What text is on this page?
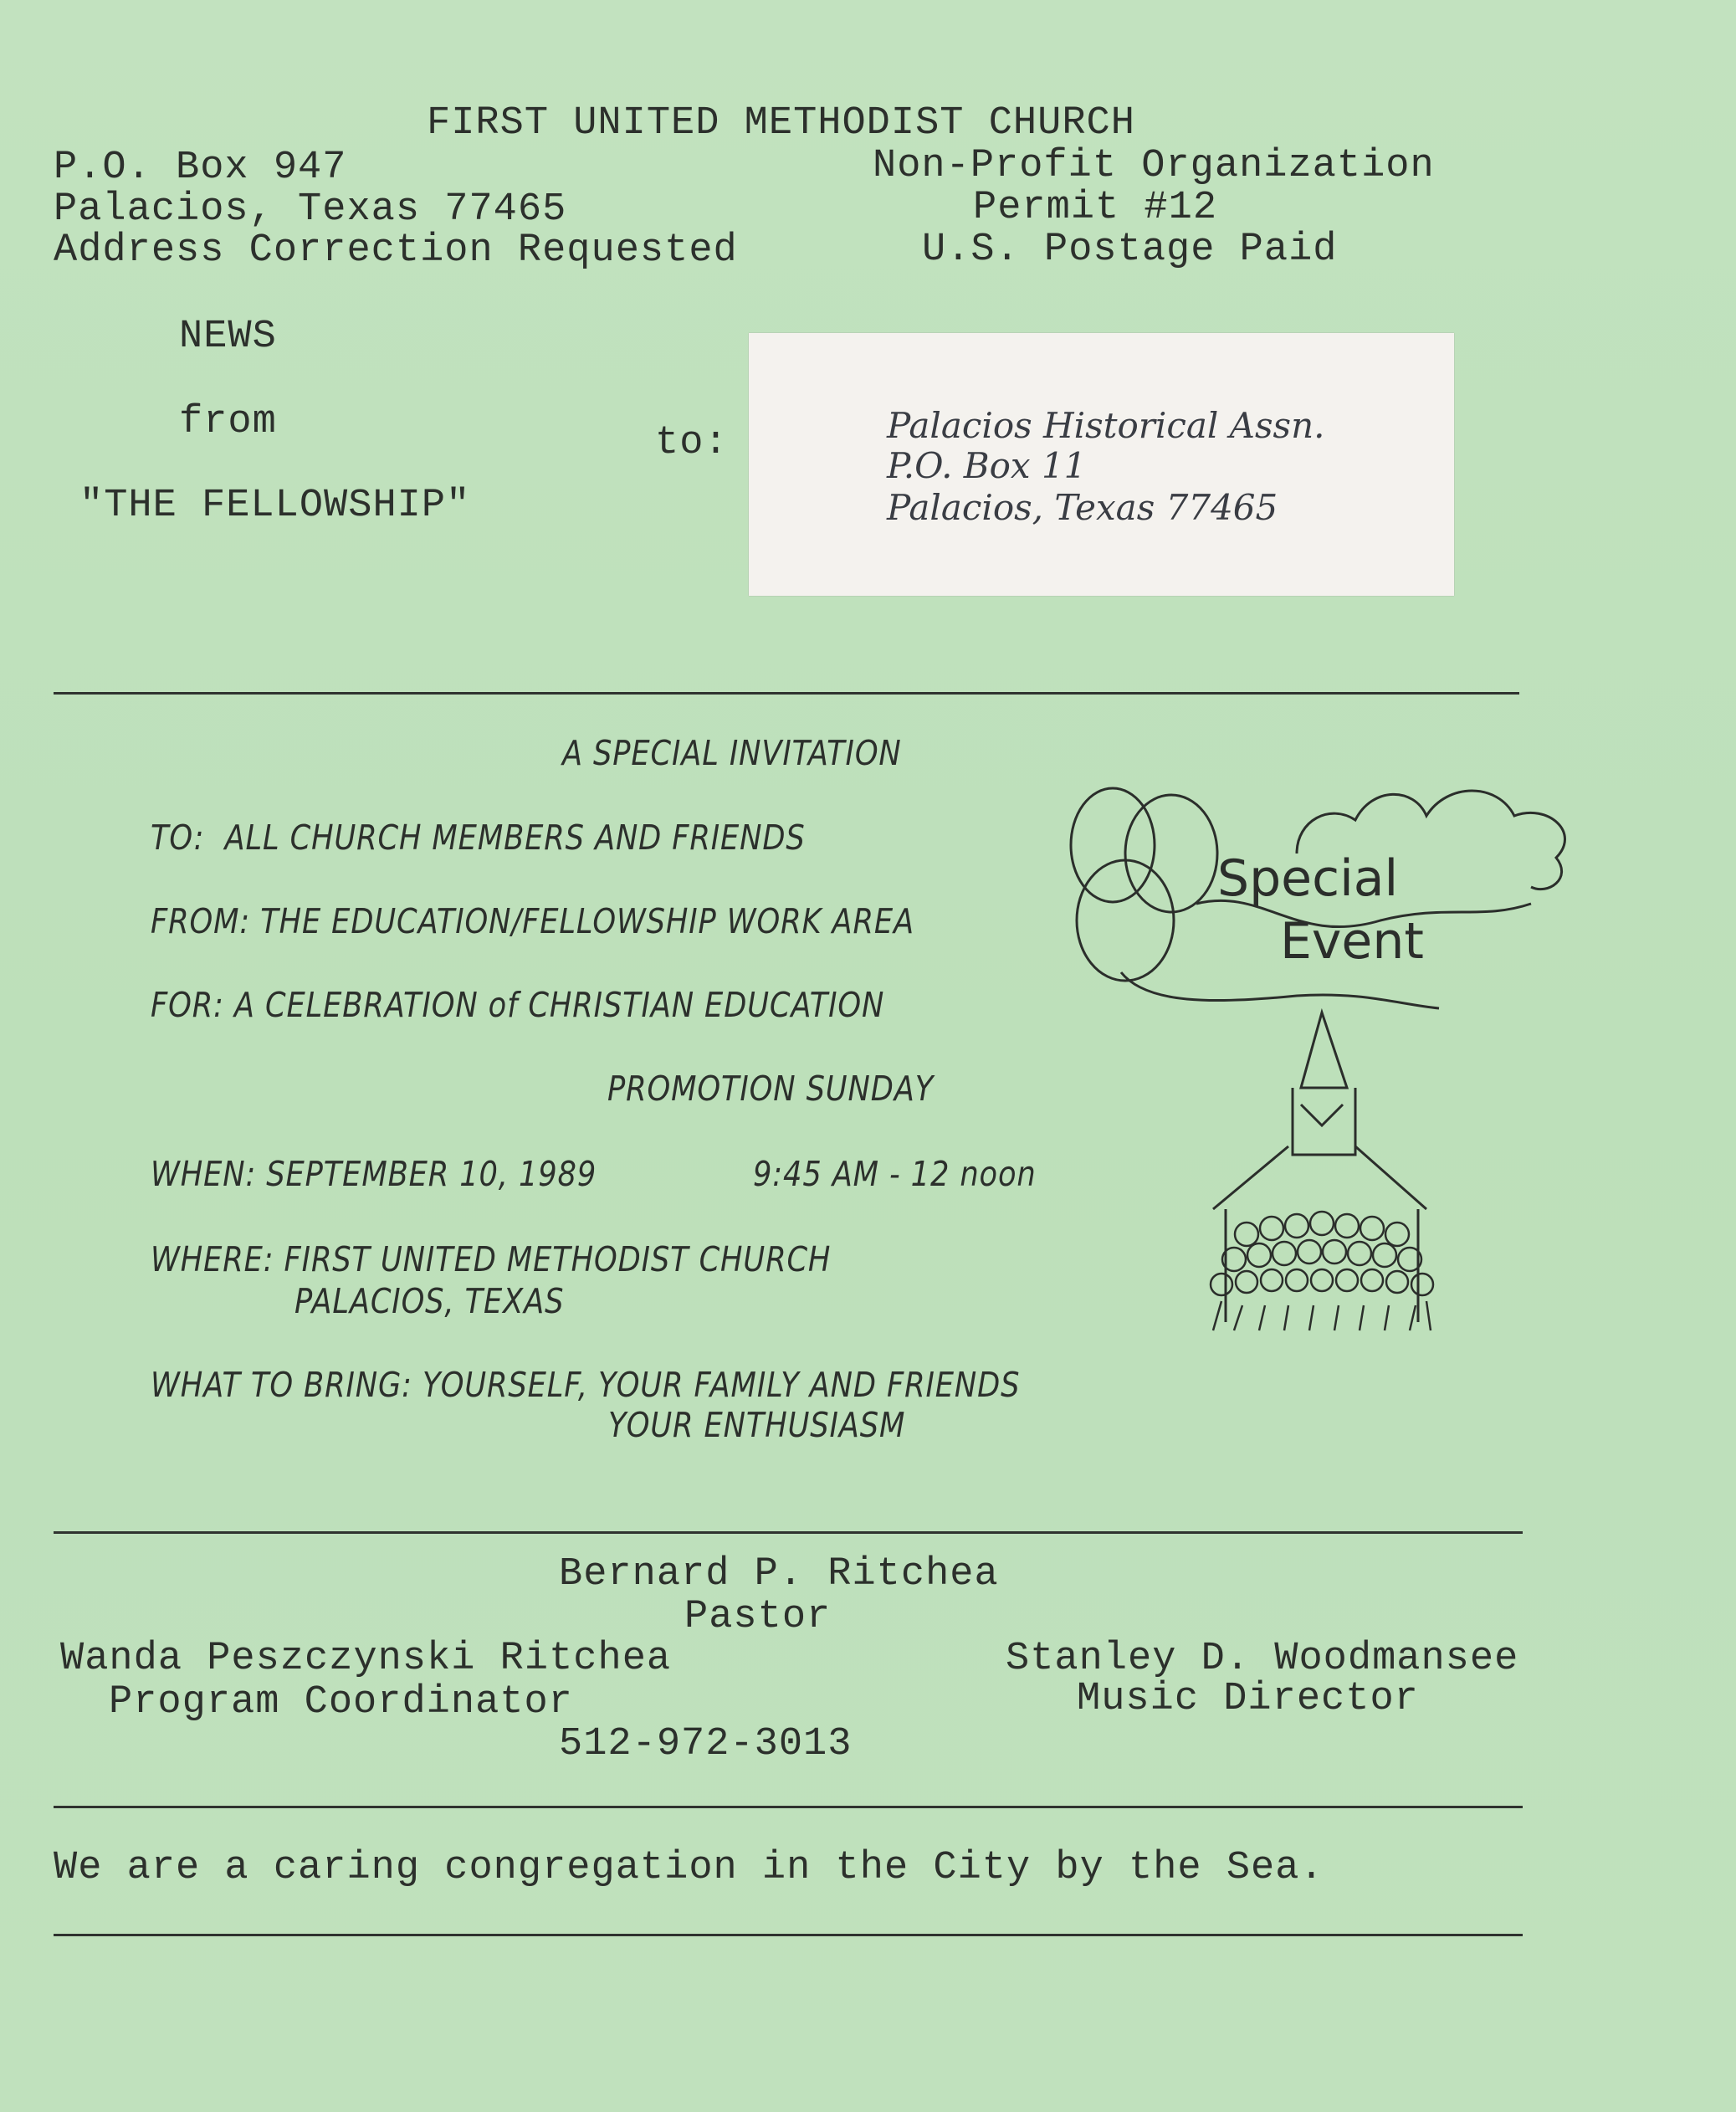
FIRST UNITED METHODIST CHURCH
P.O. Box 947
Palacios, Texas 77465
Address Correction Requested
Non-Profit Organization
Permit #12
U.S. Postage Paid
NEWS
from
"THE FELLOWSHIP"
to:	Palacios Historical Assn.
P.O. Box 11
Palacios, Texas 77465
A SPECIAL INVITATION
TO:  ALL CHURCH MEMBERS AND FRIENDS
FROM: THE EDUCATION/FELLOWSHIP WORK AREA
FOR: A CELEBRATION of CHRISTIAN EDUCATION
PROMOTION SUNDAY
WHEN: SEPTEMBER 10, 1989	9:45 AM - 12 noon
WHERE: FIRST UNITED METHODIST CHURCH
PALACIOS, TEXAS
WHAT TO BRING: YOURSELF, YOUR FAMILY AND FRIENDS
YOUR ENTHUSIASM
Special
Event
Bernard P. Ritchea
Pastor
Wanda Peszczynski Ritchea
Program Coordinator
512-972-3013
Stanley D. Woodmansee
Music Director
We are a caring congregation in the City by the Sea.
